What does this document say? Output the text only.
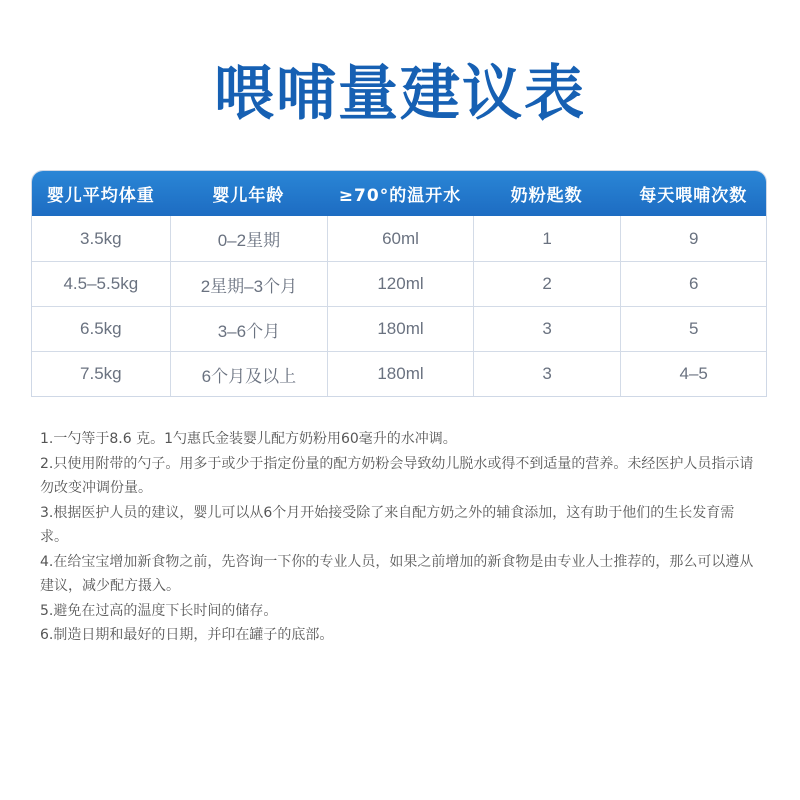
喂哺量建议表
婴儿平均体重	婴儿年龄	≥70°的温开水	奶粉匙数	每天喂哺次数
3.5kg	0–2星期	60ml	1	9
4.5–5.5kg	2星期–3个月	120ml	2	6
6.5kg	3–6个月	180ml	3	5
7.5kg	6个月及以上	180ml	3	4–5

1.一勺等于8.6 克。1勺惠氏金装婴儿配方奶粉用60毫升的水冲调。

2.只使用附带的勺子。用多于或少于指定份量的配方奶粉会导致幼儿脱水或得不到适量的营养。未经医护人员指示请勿改变冲调份量。

3.根据医护人员的建议，婴儿可以从6个月开始接受除了来自配方奶之外的辅食添加，这有助于他们的生长发育需求。

4.在给宝宝增加新食物之前，先咨询一下你的专业人员，如果之前增加的新食物是由专业人士推荐的，那么可以遵从建议，减少配方摄入。

5.避免在过高的温度下长时间的储存。

6.制造日期和最好的日期，并印在罐子的底部。
